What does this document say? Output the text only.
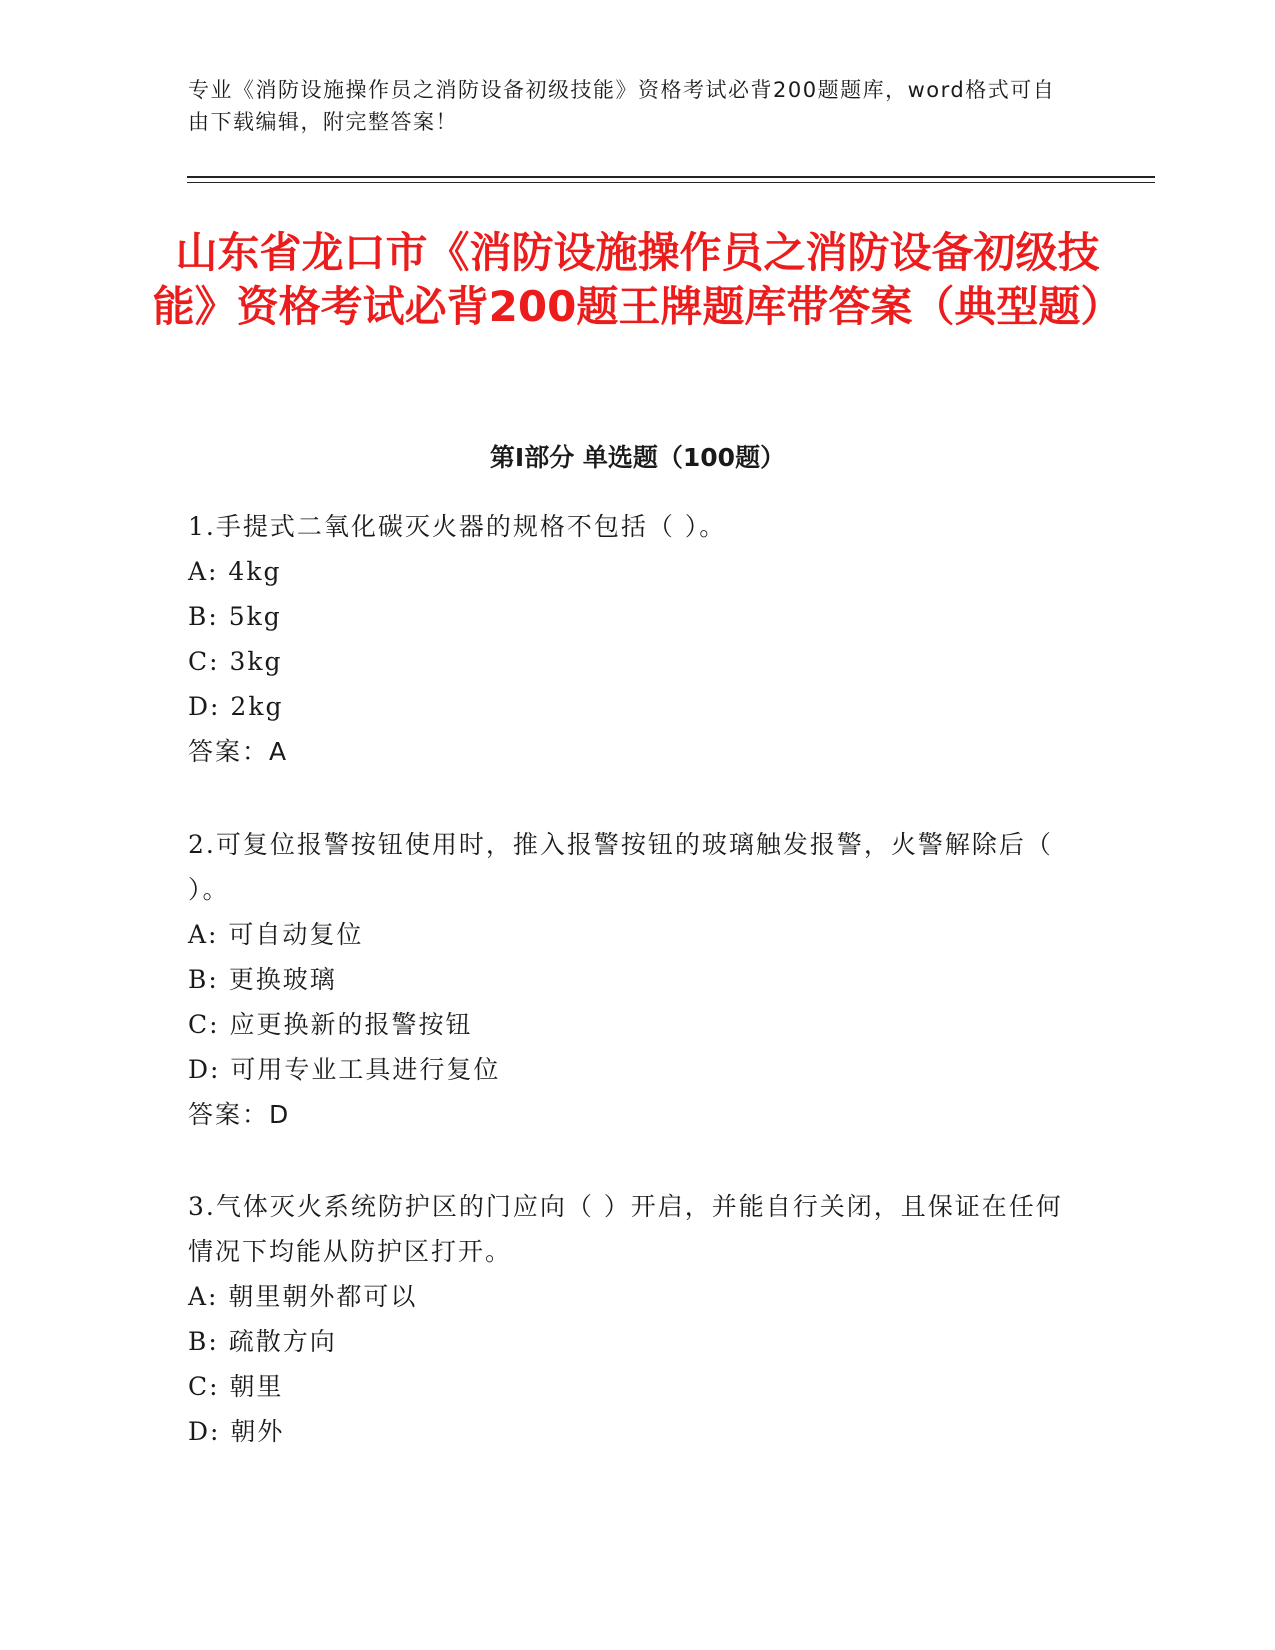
专业《消防设施操作员之消防设备初级技能》资格考试必背200题题库，word格式可自由下载编辑，附完整答案！
山东省龙口市《消防设施操作员之消防设备初级技能》资格考试必背200题王牌题库带答案（典型题）
第I部分 单选题（100题）
1.手提式二氧化碳灭火器的规格不包括（ ）。
A: 4kg
B: 5kg
C: 3kg
D: 2kg
答案：A
2.可复位报警按钮使用时，推入报警按钮的玻璃触发报警，火警解除后（ ）。
A: 可自动复位
B: 更换玻璃
C: 应更换新的报警按钮
D: 可用专业工具进行复位
答案：D
3.气体灭火系统防护区的门应向（ ）开启，并能自行关闭，且保证在任何情况下均能从防护区打开。
A: 朝里朝外都可以
B: 疏散方向
C: 朝里
D: 朝外
